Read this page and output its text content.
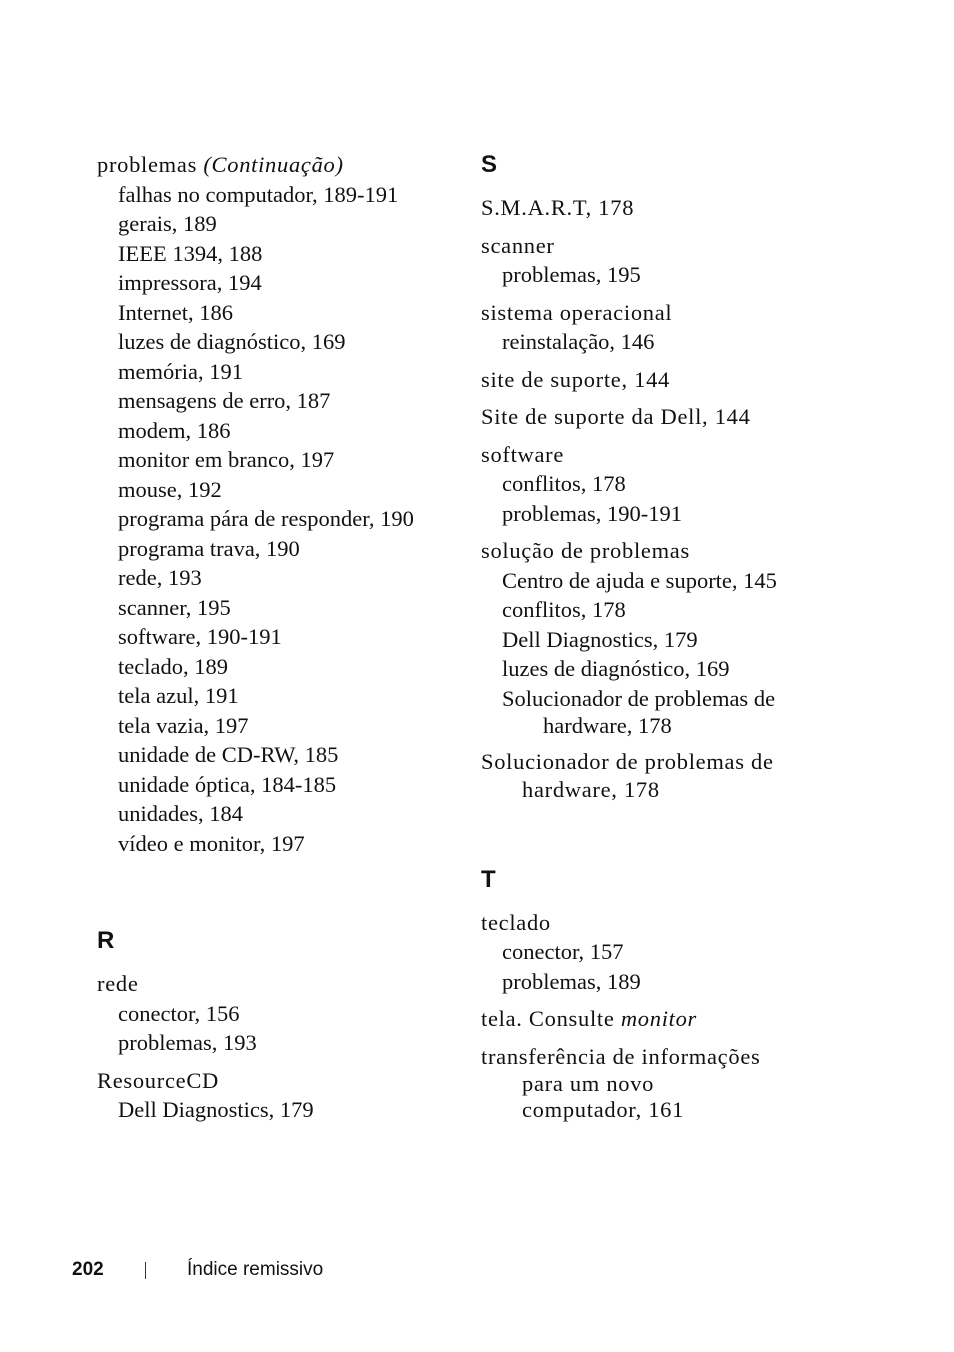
problemas (Continuação)
falhas no computador, 189-191
gerais, 189
IEEE 1394, 188
impressora, 194
Internet, 186
luzes de diagnóstico, 169
memória, 191
mensagens de erro, 187
modem, 186
monitor em branco, 197
mouse, 192
programa pára de responder, 190
programa trava, 190
rede, 193
scanner, 195
software, 190-191
teclado, 189
tela azul, 191
tela vazia, 197
unidade de CD-RW, 185
unidade óptica, 184-185
unidades, 184
vídeo e monitor, 197
R
rede
conector, 156
problemas, 193
ResourceCD
Dell Diagnostics, 179
S
S.M.A.R.T, 178
scanner
problemas, 195
sistema operacional
reinstalação, 146
site de suporte, 144
Site de suporte da Dell, 144
software
conflitos, 178
problemas, 190-191
solução de problemas
Centro de ajuda e suporte, 145
conflitos, 178
Dell Diagnostics, 179
luzes de diagnóstico, 169
Solucionador de problemas de
hardware, 178
Solucionador de problemas de
hardware, 178
T
teclado
conector, 157
problemas, 189
tela. Consulte monitor
transferência de informações
para um novo
computador, 161
202	Índice remissivo
